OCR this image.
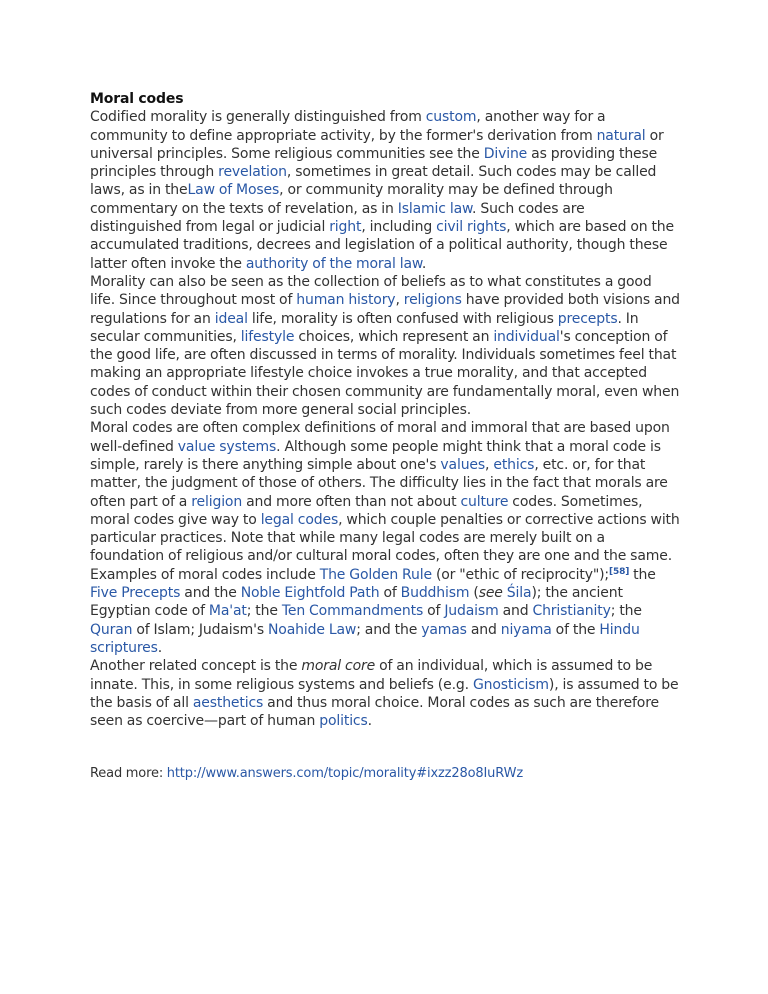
Moral codes

Codified morality is generally distinguished from custom, another way for a community to define appropriate activity, by the former's derivation from natural or universal principles. Some religious communities see the Divine as providing these principles through revelation, sometimes in great detail. Such codes may be called laws, as in theLaw of Moses, or community morality may be defined through commentary on the texts of revelation, as in Islamic law. Such codes are distinguished from legal or judicial right, including civil rights, which are based on the accumulated traditions, decrees and legislation of a political authority, though these latter often invoke the authority of the moral law.

Morality can also be seen as the collection of beliefs as to what constitutes a good life. Since throughout most of human history, religions have provided both visions and regulations for an ideal life, morality is often confused with religious precepts. In secular communities, lifestyle choices, which represent an individual's conception of the good life, are often discussed in terms of morality. Individuals sometimes feel that making an appropriate lifestyle choice invokes a true morality, and that accepted codes of conduct within their chosen community are fundamentally moral, even when such codes deviate from more general social principles.

Moral codes are often complex definitions of moral and immoral that are based upon well-defined value systems. Although some people might think that a moral code is simple, rarely is there anything simple about one's values, ethics, etc. or, for that matter, the judgment of those of others. The difficulty lies in the fact that morals are often part of a religion and more often than not about culture codes. Sometimes, moral codes give way to legal codes, which couple penalties or corrective actions with particular practices. Note that while many legal codes are merely built on a foundation of religious and/or cultural moral codes, often they are one and the same.

Examples of moral codes include The Golden Rule (or "ethic of reciprocity");[58] the Five Precepts and the Noble Eightfold Path of Buddhism (see Śila); the ancient Egyptian code of Ma'at; the Ten Commandments of Judaism and Christianity; the Quran of Islam; Judaism's Noahide Law; and the yamas and niyama of the Hindu scriptures.

Another related concept is the moral core of an individual, which is assumed to be innate. This, in some religious systems and beliefs (e.g. Gnosticism), is assumed to be the basis of all aesthetics and thus moral choice. Moral codes as such are therefore seen as coercive—part of human politics.

Read more: http://www.answers.com/topic/morality#ixzz28o8IuRWz
